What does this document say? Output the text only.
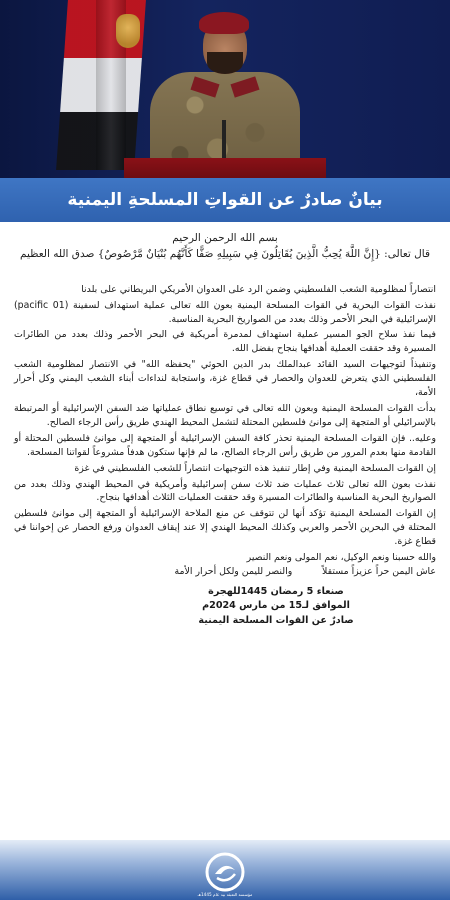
بيانٌ صادرٌ عن القواتِ المسلحةِ اليمنية
بسم الله الرحمن الرحيم
قال تعالى: {إِنَّ اللَّهَ يُحِبُّ الَّذِينَ يُقَاتِلُونَ فِي سَبِيلِهِ صَفًّا كَأَنَّهُم بُنْيَانٌ مَّرْصُوصٌ} صدق الله العظيم

انتصاراً لمظلومية الشعب الفلسطيني وضمن الرد على العدوان الأمريكي البريطاني على بلدنا

نفذت القوات البحرية في القوات المسلحة اليمنية بعون الله تعالى عملية استهداف لسفينة (pacific 01) الإسرائيلية في البحر الأحمر وذلك بعدد من الصواريخ البحرية المناسبة.

فيما نفذ سلاح الجو المسير عملية استهداف لمدمرة أمريكية في البحر الأحمر وذلك بعدد من الطائرات المسيرة وقد حققت العملية أهدافها بنجاح بفضل الله.

وتنفيذاً لتوجيهات السيد القائد عبدالملك بدر الدين الحوثي "يحفظه الله" في الانتصار لمظلومية الشعب الفلسطيني الذي يتعرض للعدوان والحصار في قطاع غزة، واستجابة لنداءات أبناء الشعب اليمني وكل أحرار الأمة،

بدأت القوات المسلحة اليمنية وبعون الله تعالى في توسيع نطاق عملياتها ضد السفن الإسرائيلية أو المرتبطة بالإسرائيلي أو المتجهة إلى موانئ فلسطين المحتلة لتشمل المحيط الهندي طريق رأس الرجاء الصالح.

وعليه.. فإن القوات المسلحة اليمنية تحذر كافة السفن الإسرائيلية أو المتجهة إلى موانئ فلسطين المحتلة أو القادمة منها بعدم المرور من طريق رأس الرجاء الصالح، ما لم فإنها ستكون هدفاً مشروعاً لقواتنا المسلحة.

إن القوات المسلحة اليمنية وفي إطار تنفيذ هذه التوجيهات انتصاراً للشعب الفلسطيني في غزة

نفذت بعون الله تعالى ثلاث عمليات ضد ثلاث سفن إسرائيلية وأمريكية في المحيط الهندي وذلك بعدد من الصواريخ البحرية المناسبة والطائرات المسيرة وقد حققت العمليات الثلاث أهدافها بنجاح.

إن القوات المسلحة اليمنية تؤكد أنها لن تتوقف عن منع الملاحة الإسرائيلية أو المتجهة إلى موانئ فلسطين المحتلة في البحرين الأحمر والعربي وكذلك المحيط الهندي إلا عند إيقاف العدوان ورفع الحصار عن إخواننا في قطاع غزة.

والله حسبنا ونعم الوكيل، نعم المولى ونعم النصير

عاش اليمن حراً عزيزاً مستقلاً          والنصر لليمن ولكل أحرار الأمة

صنعاء 5 رمضان 1445للهجرة
الموافق لـ15 من مارس 2024م
صادرٌ عن القوات المسلحة اليمنية
مؤسسة التعبئة بيد عام 1445هـ
